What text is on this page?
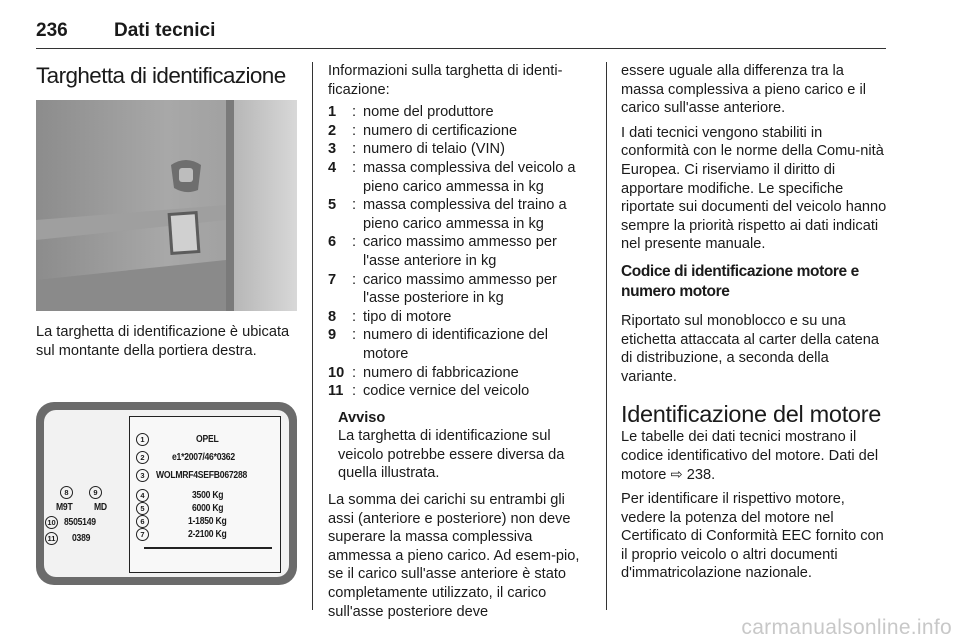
236 Dati tecnici
Targhetta di identificazione
La targhetta di identificazione è ubicata sul montante della portiera destra.
8	9
M9T MD
10 8505149
11 0389
1	OPEL
2	e1*2007/46*0362
3	WOLMRF4SEFB067288
4	3500 Kg
5	6000 Kg
6	1-1850 Kg
7	2-2100 Kg

Informazioni sulla targhetta di identi-ficazione:

1	: nome del produttore
2	: numero di certificazione
3	: numero di telaio (VIN)
4	: massa complessiva del veicolo a pieno carico ammessa in kg
5	: massa complessiva del traino a pieno carico ammessa in kg
6	: carico massimo ammesso per l'asse anteriore in kg
7	: carico massimo ammesso per l'asse posteriore in kg
8	: tipo di motore
9	: numero di identificazione del motore
10 : numero di fabbricazione
11 : codice vernice del veicolo
Avviso
La targhetta di identificazione sul veicolo potrebbe essere diversa da quella illustrata.

La somma dei carichi su entrambi gli assi (anteriore e posteriore) non deve superare la massa complessiva ammessa a pieno carico. Ad esem-pio, se il carico sull'asse anteriore è stato completamente utilizzato, il carico sull'asse posteriore deve

essere uguale alla differenza tra la massa complessiva a pieno carico e il carico sull'asse anteriore.

I dati tecnici vengono stabiliti in conformità con le norme della Comu-nità Europea. Ci riserviamo il diritto di apportare modifiche. Le specifiche riportate sui documenti del veicolo hanno sempre la priorità rispetto ai dati indicati nel presente manuale.

Codice di identificazione motore e numero motore

Riportato sul monoblocco e su una etichetta attaccata al carter della catena di distribuzione, a seconda della variante.

Identificazione del motore

Le tabelle dei dati tecnici mostrano il codice identificativo del motore. Dati del motore ⇨ 238.

Per identificare il rispettivo motore, vedere la potenza del motore nel Certificato di Conformità EEC fornito con il proprio veicolo o altri documenti d'immatricolazione nazionale.

carmanualsonline.info
